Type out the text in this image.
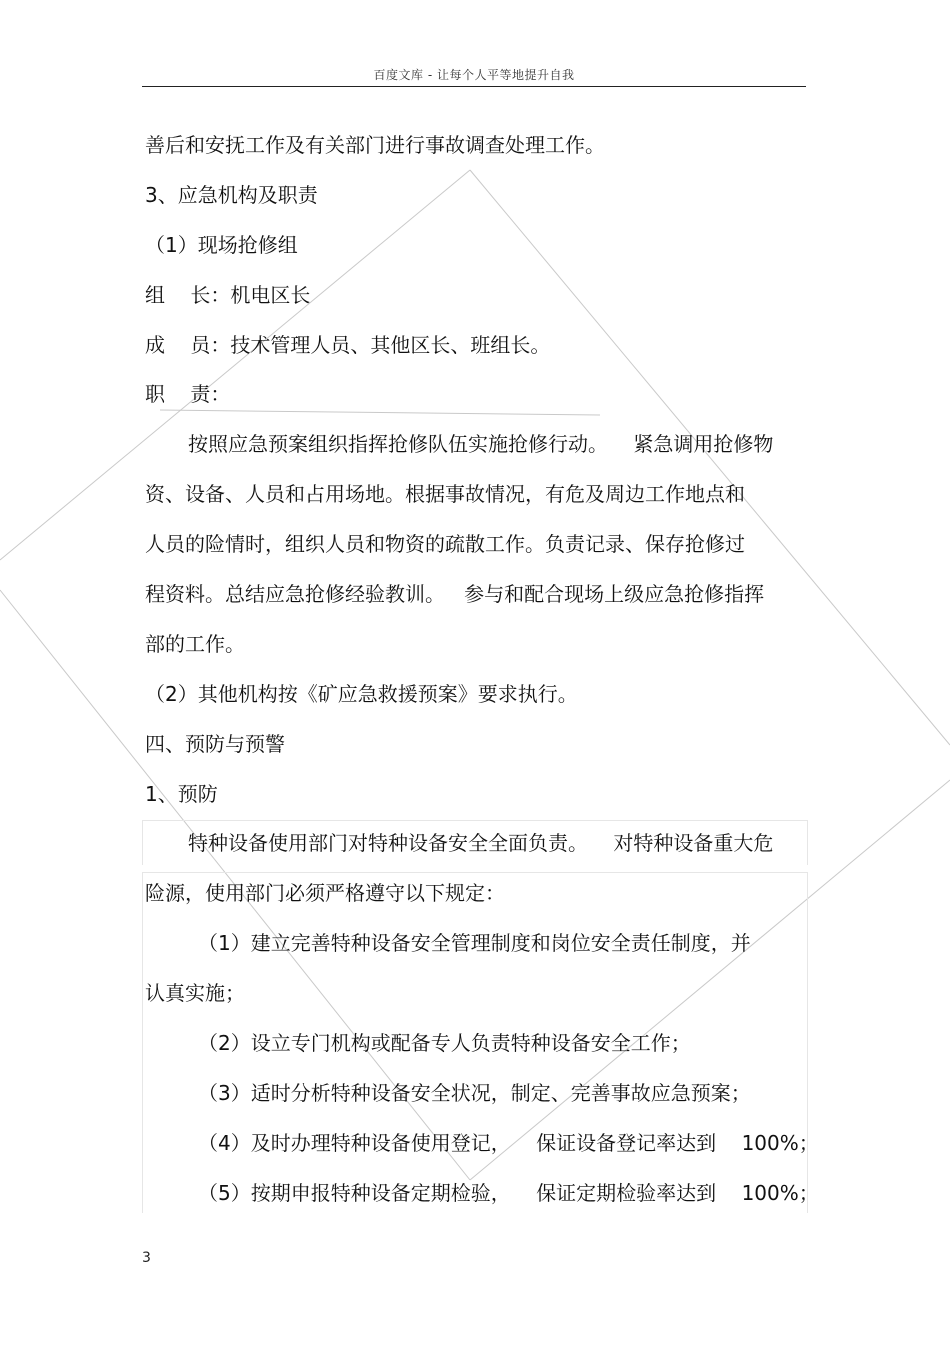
百度文库 - 让每个人平等地提升自我
善后和安抚工作及有关部门进行事故调查处理工作。
3、应急机构及职责
（1）现场抢修组
组    长：机电区长
成    员：技术管理人员、其他区长、班组长。
职    责：
按照应急预案组织指挥抢修队伍实施抢修行动。    紧急调用抢修物
资、设备、人员和占用场地。根据事故情况，有危及周边工作地点和
人员的险情时，组织人员和物资的疏散工作。负责记录、保存抢修过
程资料。总结应急抢修经验教训。   参与和配合现场上级应急抢修指挥
部的工作。
（2）其他机构按《矿应急救援预案》要求执行。
四、预防与预警
1、预防
特种设备使用部门对特种设备安全全面负责。    对特种设备重大危
险源，使用部门必须严格遵守以下规定：
（1）建立完善特种设备安全管理制度和岗位安全责任制度，并
认真实施；
（2）设立专门机构或配备专人负责特种设备安全工作；
（3）适时分析特种设备安全状况，制定、完善事故应急预案；
（4）及时办理特种设备使用登记，    保证设备登记率达到    100%；
（5）按期申报特种设备定期检验，    保证定期检验率达到    100%；
3
